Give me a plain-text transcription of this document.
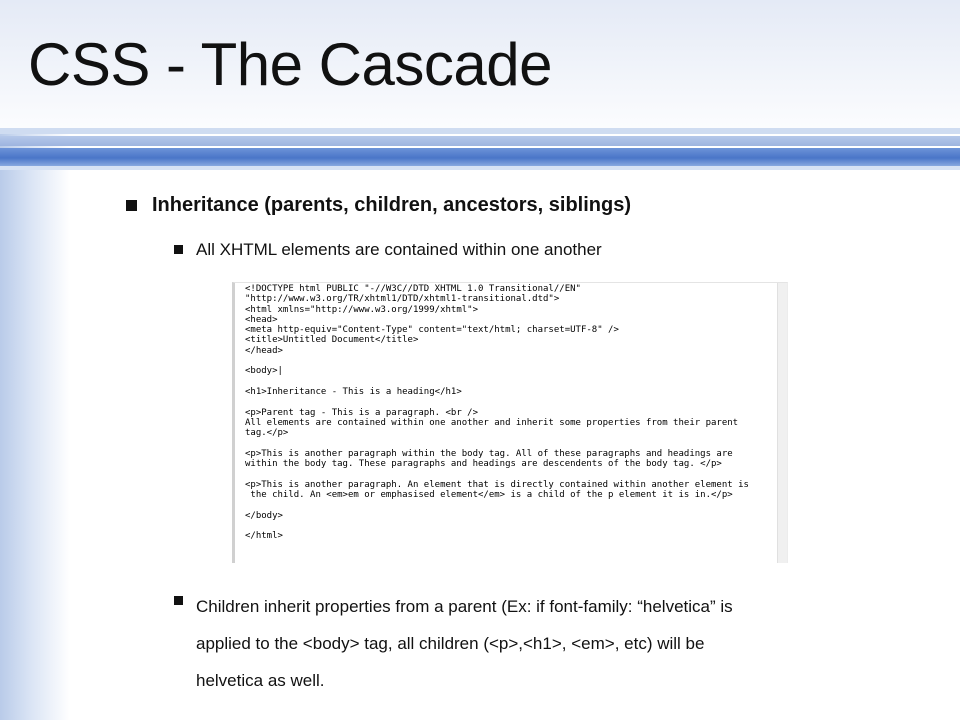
CSS - The Cascade
Inheritance (parents, children, ancestors, siblings)
All XHTML elements are contained within one another
<!DOCTYPE html PUBLIC "-//W3C//DTD XHTML 1.0 Transitional//EN"
"http://www.w3.org/TR/xhtml1/DTD/xhtml1-transitional.dtd">
<html xmlns="http://www.w3.org/1999/xhtml">
<head>
<meta http-equiv="Content-Type" content="text/html; charset=UTF-8" />
<title>Untitled Document</title>
</head>
<body>|
<h1>Inheritance - This is a heading</h1>
<p>Parent tag - This is a paragraph. <br />
All elements are contained within one another and inherit some properties from their parent
tag.</p>
<p>This is another paragraph within the body tag. All of these paragraphs and headings are
within the body tag. These paragraphs and headings are descendents of the body tag. </p>
<p>This is another paragraph. An element that is directly contained within another element is
the child. An <em>em or emphasised element</em> is a child of the p element it is in.</p>
</body>
</html>
Children inherit properties from a parent (Ex: if font-family: “helvetica” is
applied to the <body> tag, all children (<p>,<h1>, <em>, etc) will be
helvetica as well.
